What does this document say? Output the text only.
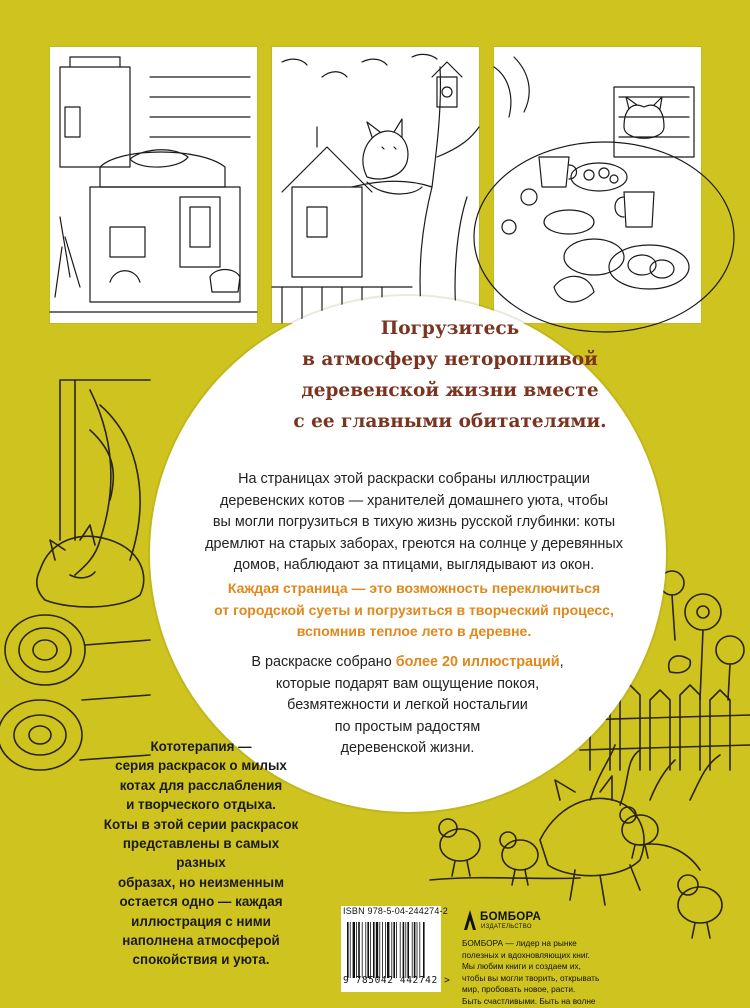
Погрузитесь
в атмосферу неторопливой
деревенской жизни вместе
с ее главными обитателями.

На страницах этой раскраски собраны иллюстрации
деревенских котов — хранителей домашнего уюта, чтобы
вы могли погрузиться в тихую жизнь русской глубинки: коты
дремлют на старых заборах, греются на солнце у деревянных
домов, наблюдают за птицами, выглядывают из окон.

Каждая страница — это возможность переключиться
от городской суеты и погрузиться в творческий процесс,
вспомнив теплое лето в деревне.

В раскраске собрано более 20 иллюстраций,
которые подарят вам ощущение покоя,
безмятежности и легкой ностальгии
по простым радостям
деревенской жизни.

Кототерапия —
серия раскрасок о милых
котах для расслабления
и творческого отдыха.
Коты в этой серии раскрасок
представлены в самых разных
образах, но неизменным
остается одно — каждая
иллюстрация с ними
наполнена атмосферой
спокойствия и уюта.

ISBN 978-5-04-244274-2
9 785042 442742 >
БОМБОРА
ИЗДАТЕЛЬСТВО

БОМБОРА — лидер на рынке
полезных и вдохновляющих книг.
Мы любим книги и создаем их,
чтобы вы могли творить, открывать
мир, пробовать новое, расти.
Быть счастливыми. Быть на волне
